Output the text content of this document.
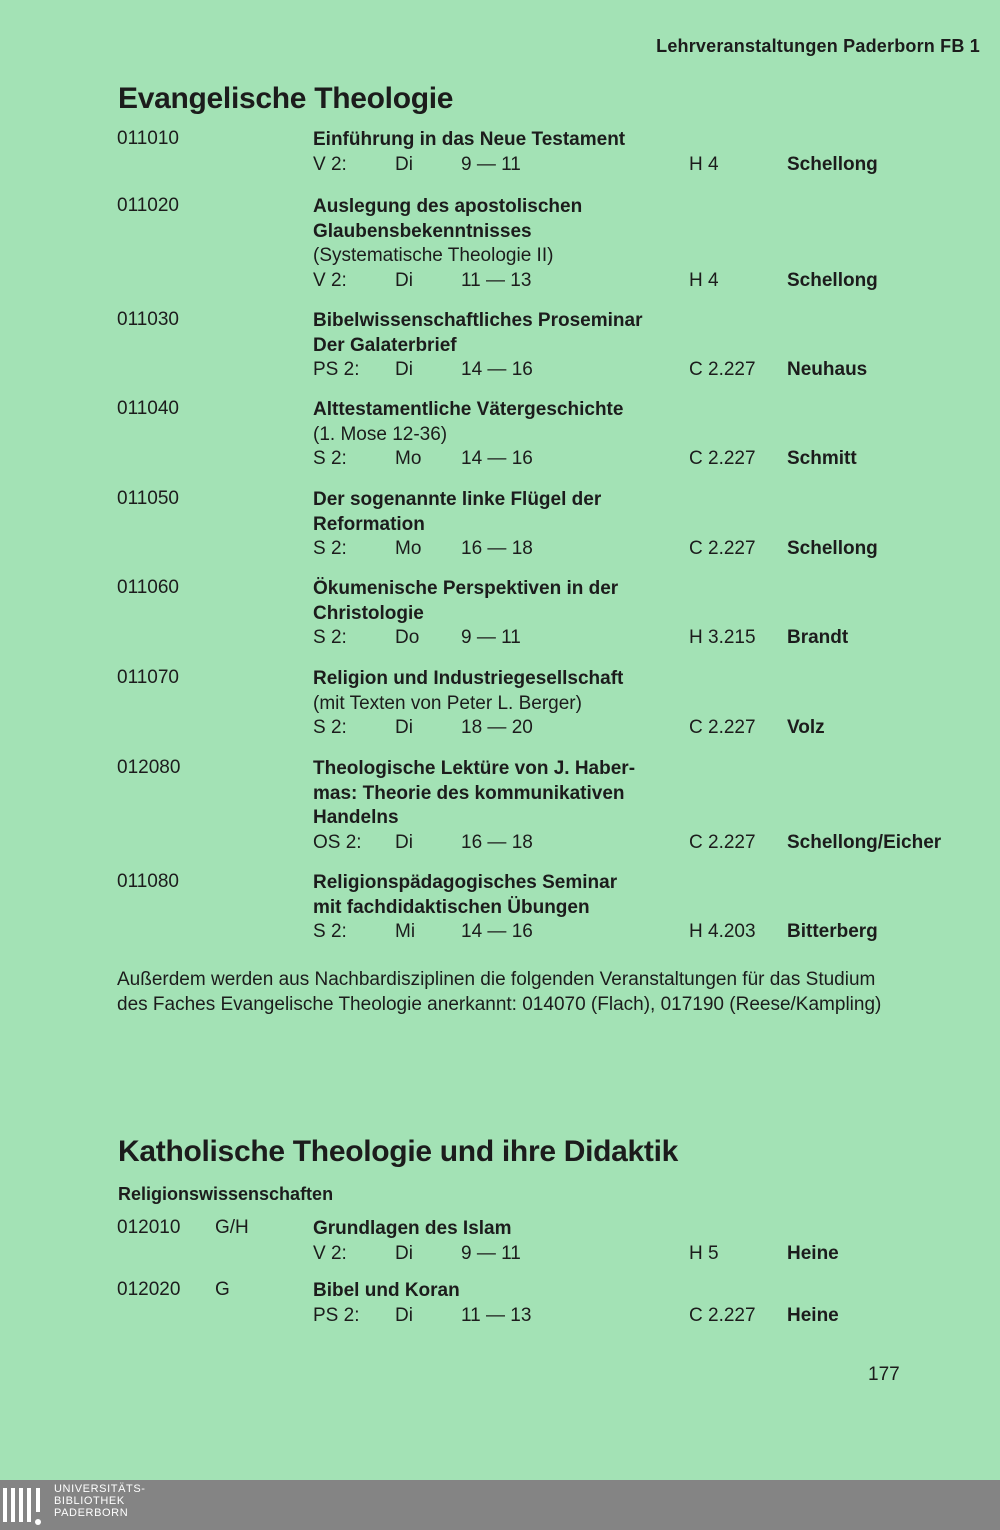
Lehrveranstaltungen Paderborn FB 1
Evangelische Theologie
011010	Einführung in das Neue Testament
V 2:	Di	9 — 11	H 4	Schellong
011020	Auslegung des apostolischen
Glaubensbekenntnisses
(Systematische Theologie II)
V 2:	Di	11 — 13	H 4	Schellong
011030	Bibelwissenschaftliches Proseminar
Der Galaterbrief
PS 2: Di	14 — 16	C 2.227 Neuhaus
011040	Alttestamentliche Vätergeschichte
(1. Mose 12-36)
S 2:	Mo 14 — 16	C 2.227 Schmitt
011050	Der sogenannte linke Flügel der
Reformation
S 2:	Mo 16 — 18	C 2.227 Schellong
011060	Ökumenische Perspektiven in der
Christologie
S 2:	Do 9 — 11	H 3.215 Brandt
011070	Religion und Industriegesellschaft
(mit Texten von Peter L. Berger)
S 2:	Di	18 — 20	C 2.227 Volz
012080	Theologische Lektüre von J. Haber-
mas: Theorie des kommunikativen
Handelns
OS 2: Di	16 — 18	C 2.227 Schellong/Eicher
011080	Religionspädagogisches Seminar
mit fachdidaktischen Übungen
S 2:	Mi 14 — 16	H 4.203 Bitterberg
Außerdem werden aus Nachbardisziplinen die folgenden Veranstaltungen für das Studium des Faches Evangelische Theologie anerkannt: 014070 (Flach), 017190 (Reese/Kampling)
Katholische Theologie und ihre Didaktik
Religionswissenschaften
012010 G/H	Grundlagen des Islam
V 2:	Di	9 — 11	H 5	Heine
012020 G	Bibel und Koran
PS 2: Di	11 — 13	C 2.227 Heine
177
UNIVERSITÄTS-
BIBLIOTHEK
PADERBORN
